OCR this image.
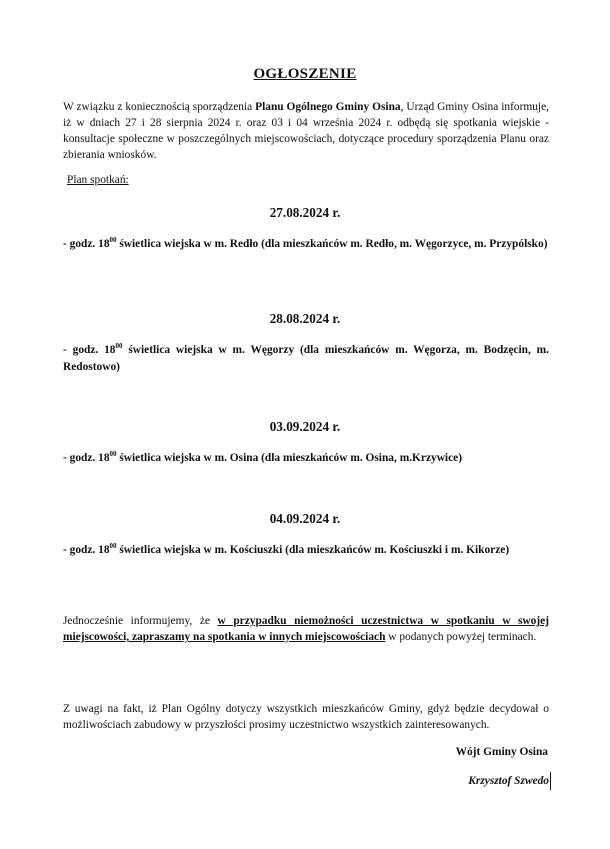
OGŁOSZENIE
W związku z koniecznością sporządzenia Planu Ogólnego Gminy Osina, Urząd Gminy Osina informuje, iż w dniach 27 i 28 sierpnia 2024 r. oraz 03 i 04 września 2024 r. odbędą się spotkania wiejskie - konsultacje społeczne w poszczególnych miejscowościach, dotyczące procedury sporządzenia Planu oraz zbierania wniosków.
Plan spotkań:
27.08.2024 r.
- godz. $18^{00}$ świetlica wiejska w m. Redło (dla mieszkańców m. Redło, m. Węgorzyce, m. Przypólsko)
28.08.2024 r.
- godz. $18^{00}$ świetlica wiejska w m. Węgorzy (dla mieszkańców m. Węgorza, m. Bodzęcin, m. Redostowo)
03.09.2024 r.
- godz. $18^{00}$ świetlica wiejska w m. Osina (dla mieszkańców m. Osina, m.Krzywice)
04.09.2024 r.
- godz. $18^{00}$ świetlica wiejska w m. Kościuszki (dla mieszkańców m. Kościuszki i m. Kikorze)
Jednocześnie informujemy, że w przypadku niemożności uczestnictwa w spotkaniu w swojej miejscowości, zapraszamy na spotkania w innych miejscowościach w podanych powyżej terminach.
Z uwagi na fakt, iż Plan Ogólny dotyczy wszystkich mieszkańców Gminy, gdyż będzie decydował o możliwościach zabudowy w przyszłości prosimy uczestnictwo wszystkich zainteresowanych.
Wójt Gminy Osina
Krzysztof Szwedo
